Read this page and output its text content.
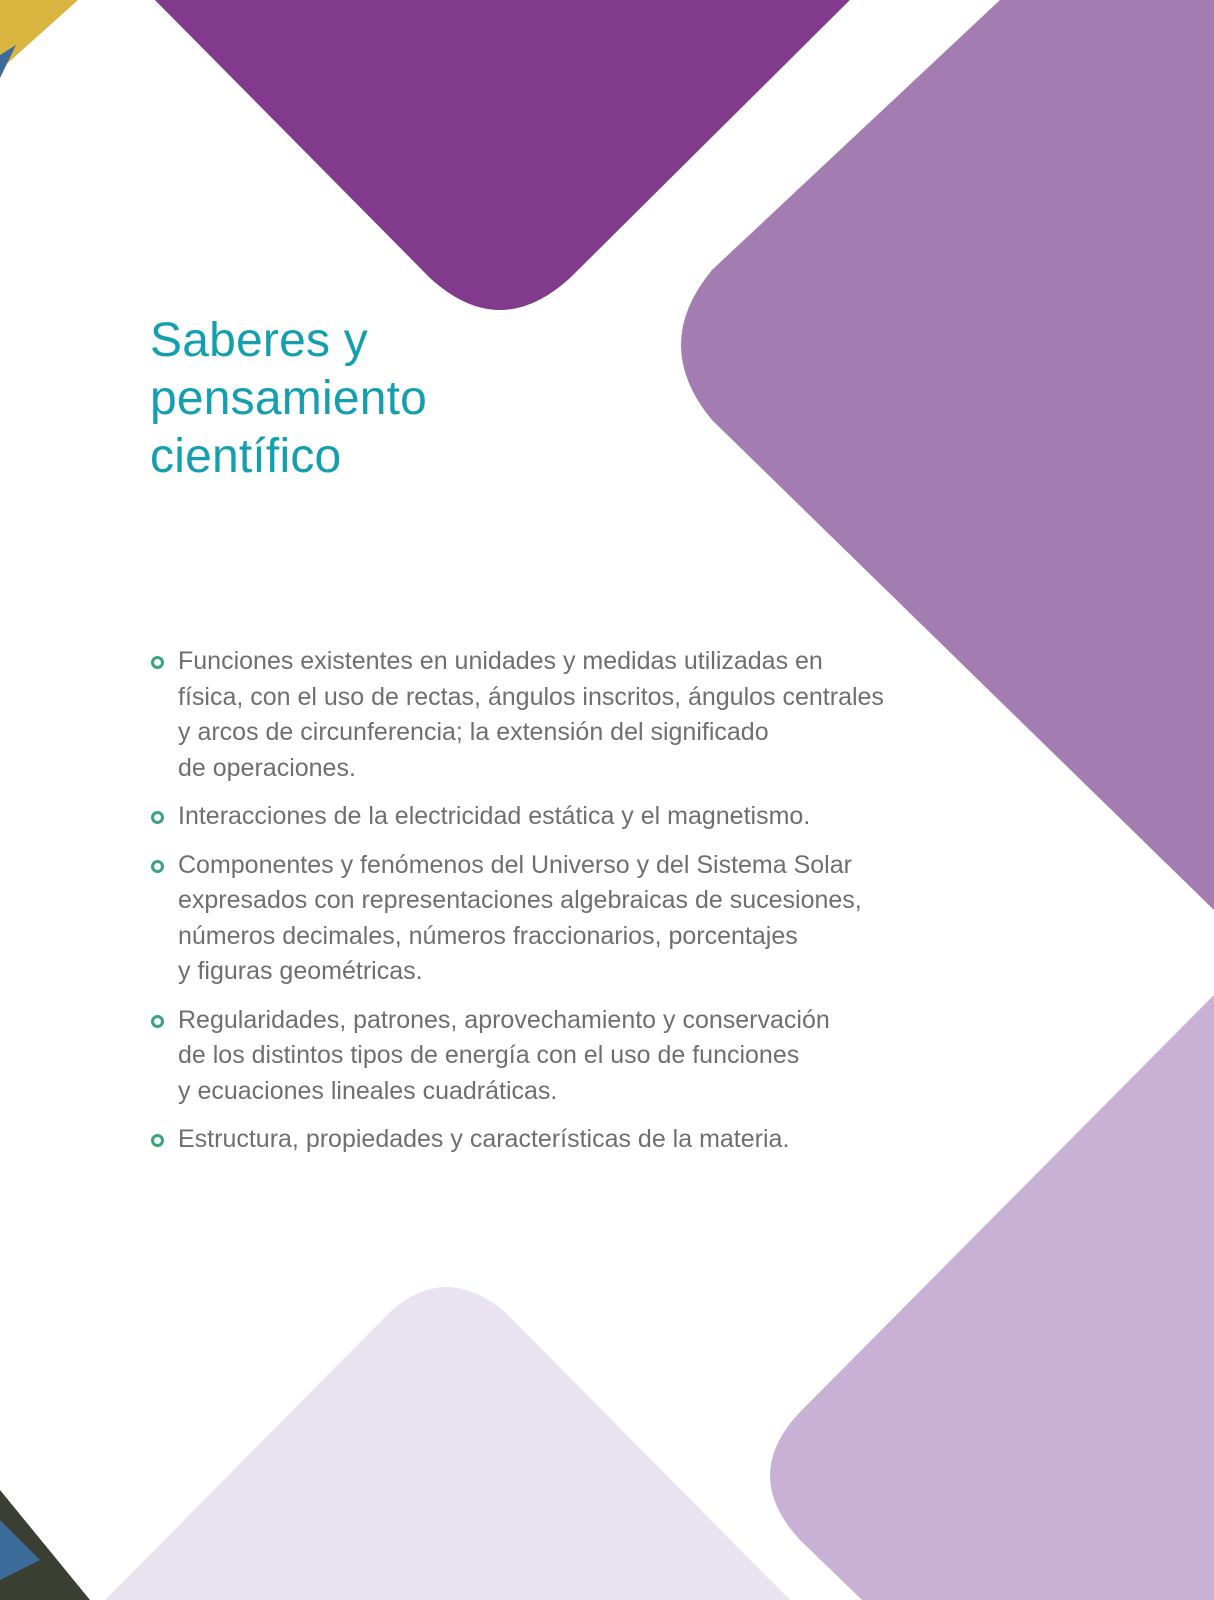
Saberes y
pensamiento
científico
Funciones existentes en unidades y medidas utilizadas en
física, con el uso de rectas, ángulos inscritos, ángulos centrales
y arcos de circunferencia; la extensión del significado
de operaciones.
Interacciones de la electricidad estática y el magnetismo.
Componentes y fenómenos del Universo y del Sistema Solar
expresados con representaciones algebraicas de sucesiones,
números decimales, números fraccionarios, porcentajes
y figuras geométricas.
Regularidades, patrones, aprovechamiento y conservación
de los distintos tipos de energía con el uso de funciones
y ecuaciones lineales cuadráticas.
Estructura, propiedades y características de la materia.
